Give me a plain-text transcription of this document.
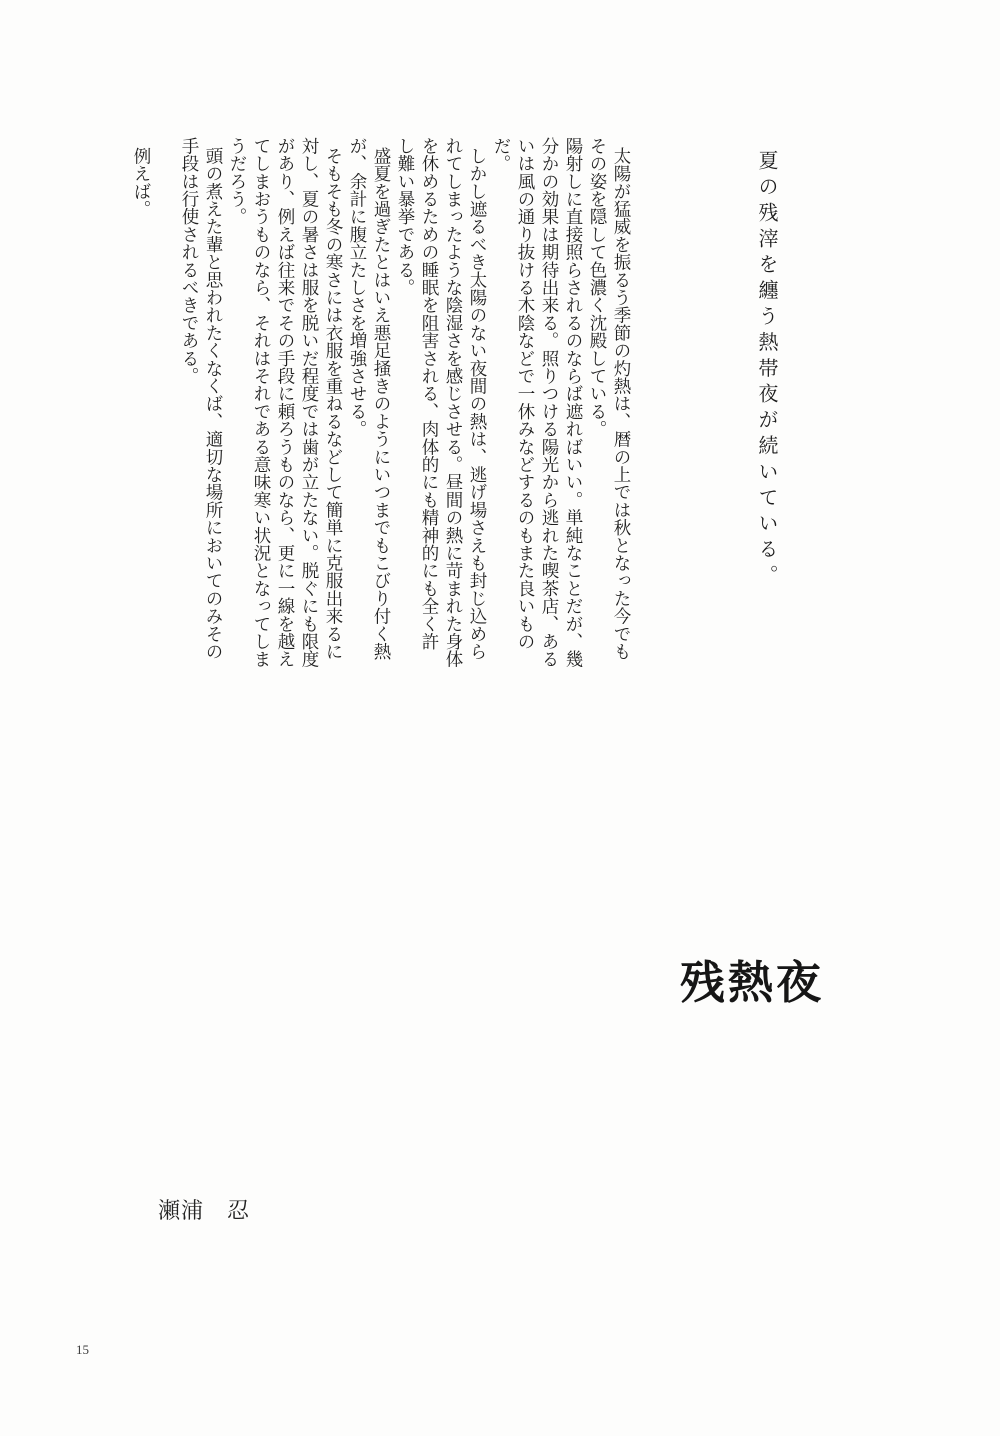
夏の残滓を纏う熱帯夜が続いている。
太陽が猛威を振るう季節の灼熱は、暦の上では秋となった今でも
その姿を隠して色濃く沈殿している。
陽射しに直接照らされるのならば遮ればいい。単純なことだが、幾
分かの効果は期待出来る。照りつける陽光から逃れた喫茶店、ある
いは風の通り抜ける木陰などで一休みなどするのもまた良いもの
だ。
しかし遮るべき太陽のない夜間の熱は、逃げ場さえも封じ込めら
れてしまったような陰湿さを感じさせる。昼間の熱に苛まれた身体
を休めるための睡眠を阻害される、肉体的にも精神的にも全く許
し難い暴挙である。
盛夏を過ぎたとはいえ悪足掻きのようにいつまでもこびり付く熱
が、余計に腹立たしさを増強させる。
そもそも冬の寒さには衣服を重ねるなどして簡単に克服出来るに
対し、夏の暑さは服を脱いだ程度では歯が立たない。脱ぐにも限度
があり、例えば往来でその手段に頼ろうものなら、更に一線を越え
てしまおうものなら、それはそれである意味寒い状況となってしま
うだろう。
頭の煮えた輩と思われたくなくば、適切な場所においてのみその
手段は行使されるべきである。
例えば。
残熱夜
瀬浦　忍
15
